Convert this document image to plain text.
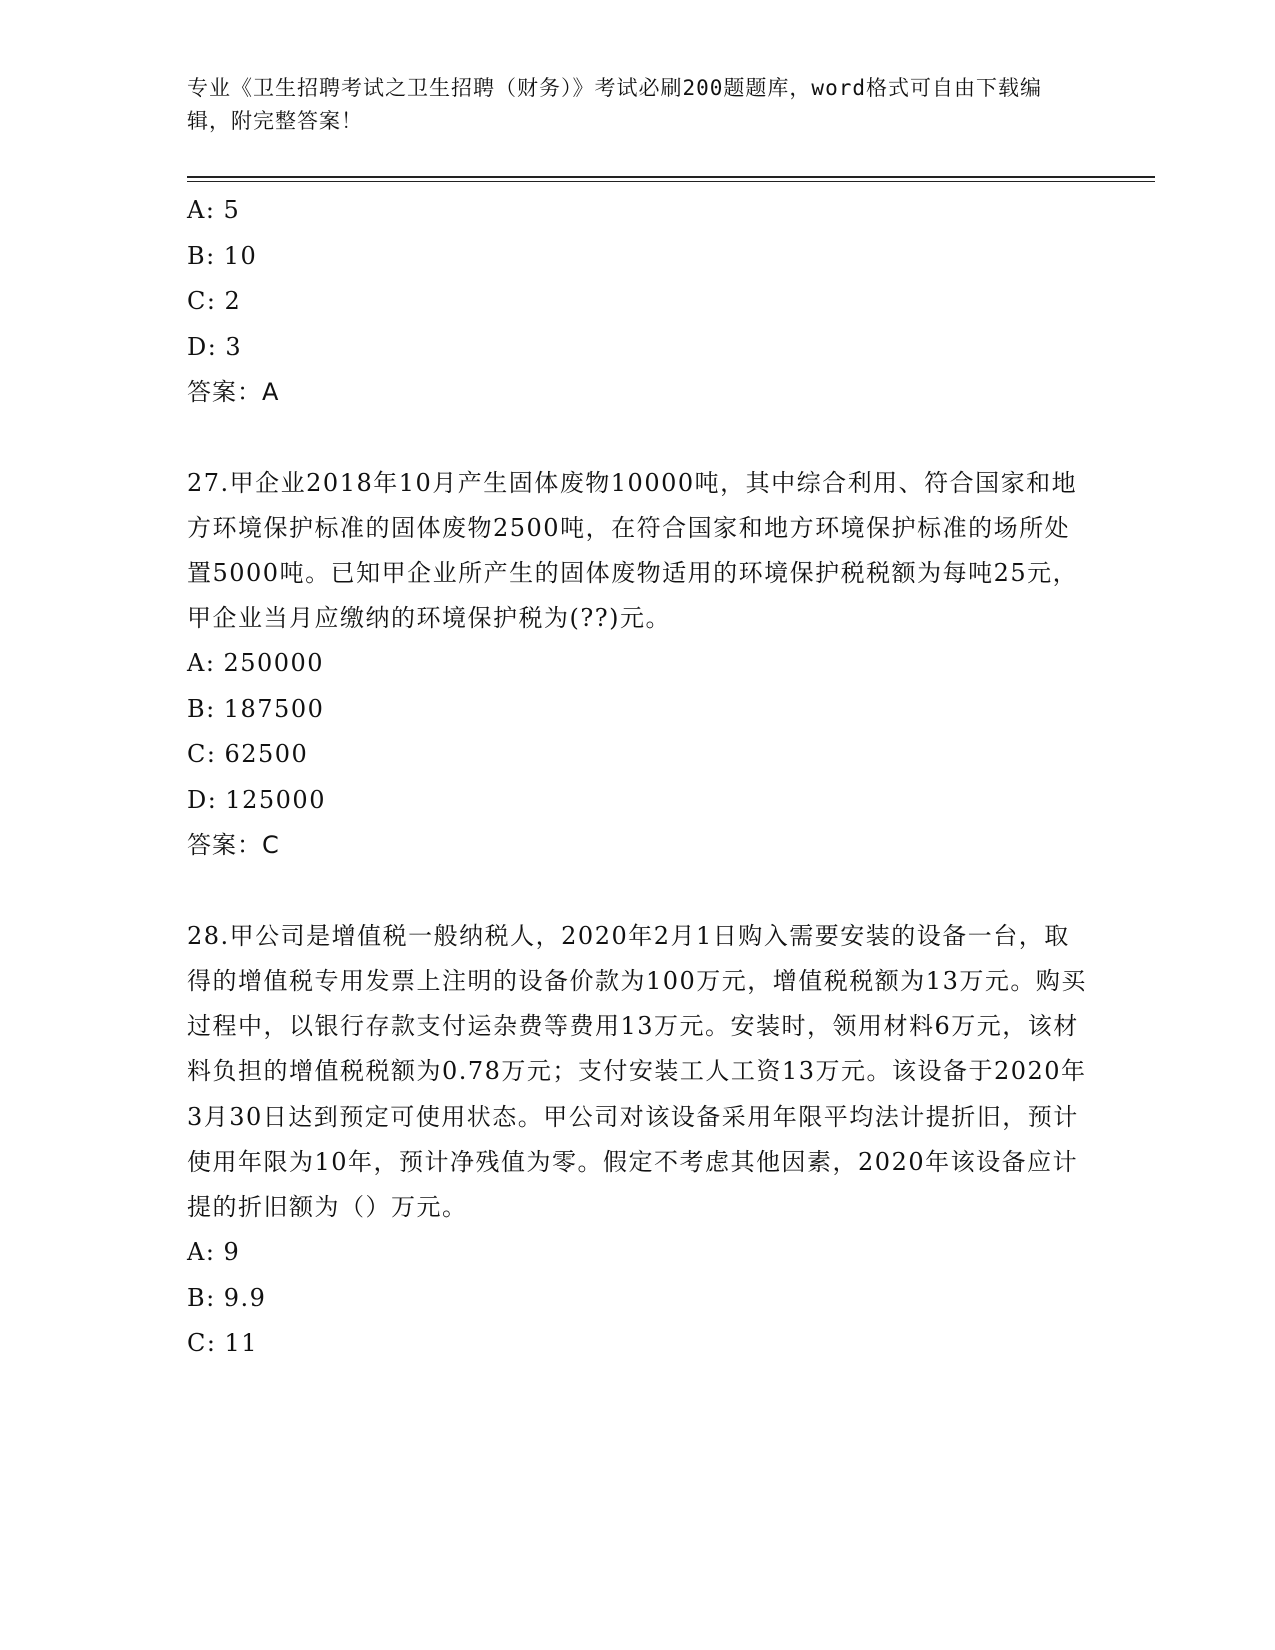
专业《卫生招聘考试之卫生招聘（财务）》考试必刷200题题库，word格式可自由下载编辑，附完整答案！
A: 5
B: 10
C: 2
D: 3
答案：A
27.甲企业2018年10月产生固体废物10000吨，其中综合利用、符合国家和地方环境保护标准的固体废物2500吨，在符合国家和地方环境保护标准的场所处置5000吨。已知甲企业所产生的固体废物适用的环境保护税税额为每吨25元，甲企业当月应缴纳的环境保护税为(??)元。
A: 250000
B: 187500
C: 62500
D: 125000
答案：C
28.甲公司是增值税一般纳税人，2020年2月1日购入需要安装的设备一台，取得的增值税专用发票上注明的设备价款为100万元，增值税税额为13万元。购买过程中，以银行存款支付运杂费等费用13万元。安装时，领用材料6万元，该材料负担的增值税税额为0.78万元；支付安装工人工资13万元。该设备于2020年3月30日达到预定可使用状态。甲公司对该设备采用年限平均法计提折旧，预计使用年限为10年，预计净残值为零。假定不考虑其他因素，2020年该设备应计提的折旧额为（）万元。
A: 9
B: 9.9
C: 11
